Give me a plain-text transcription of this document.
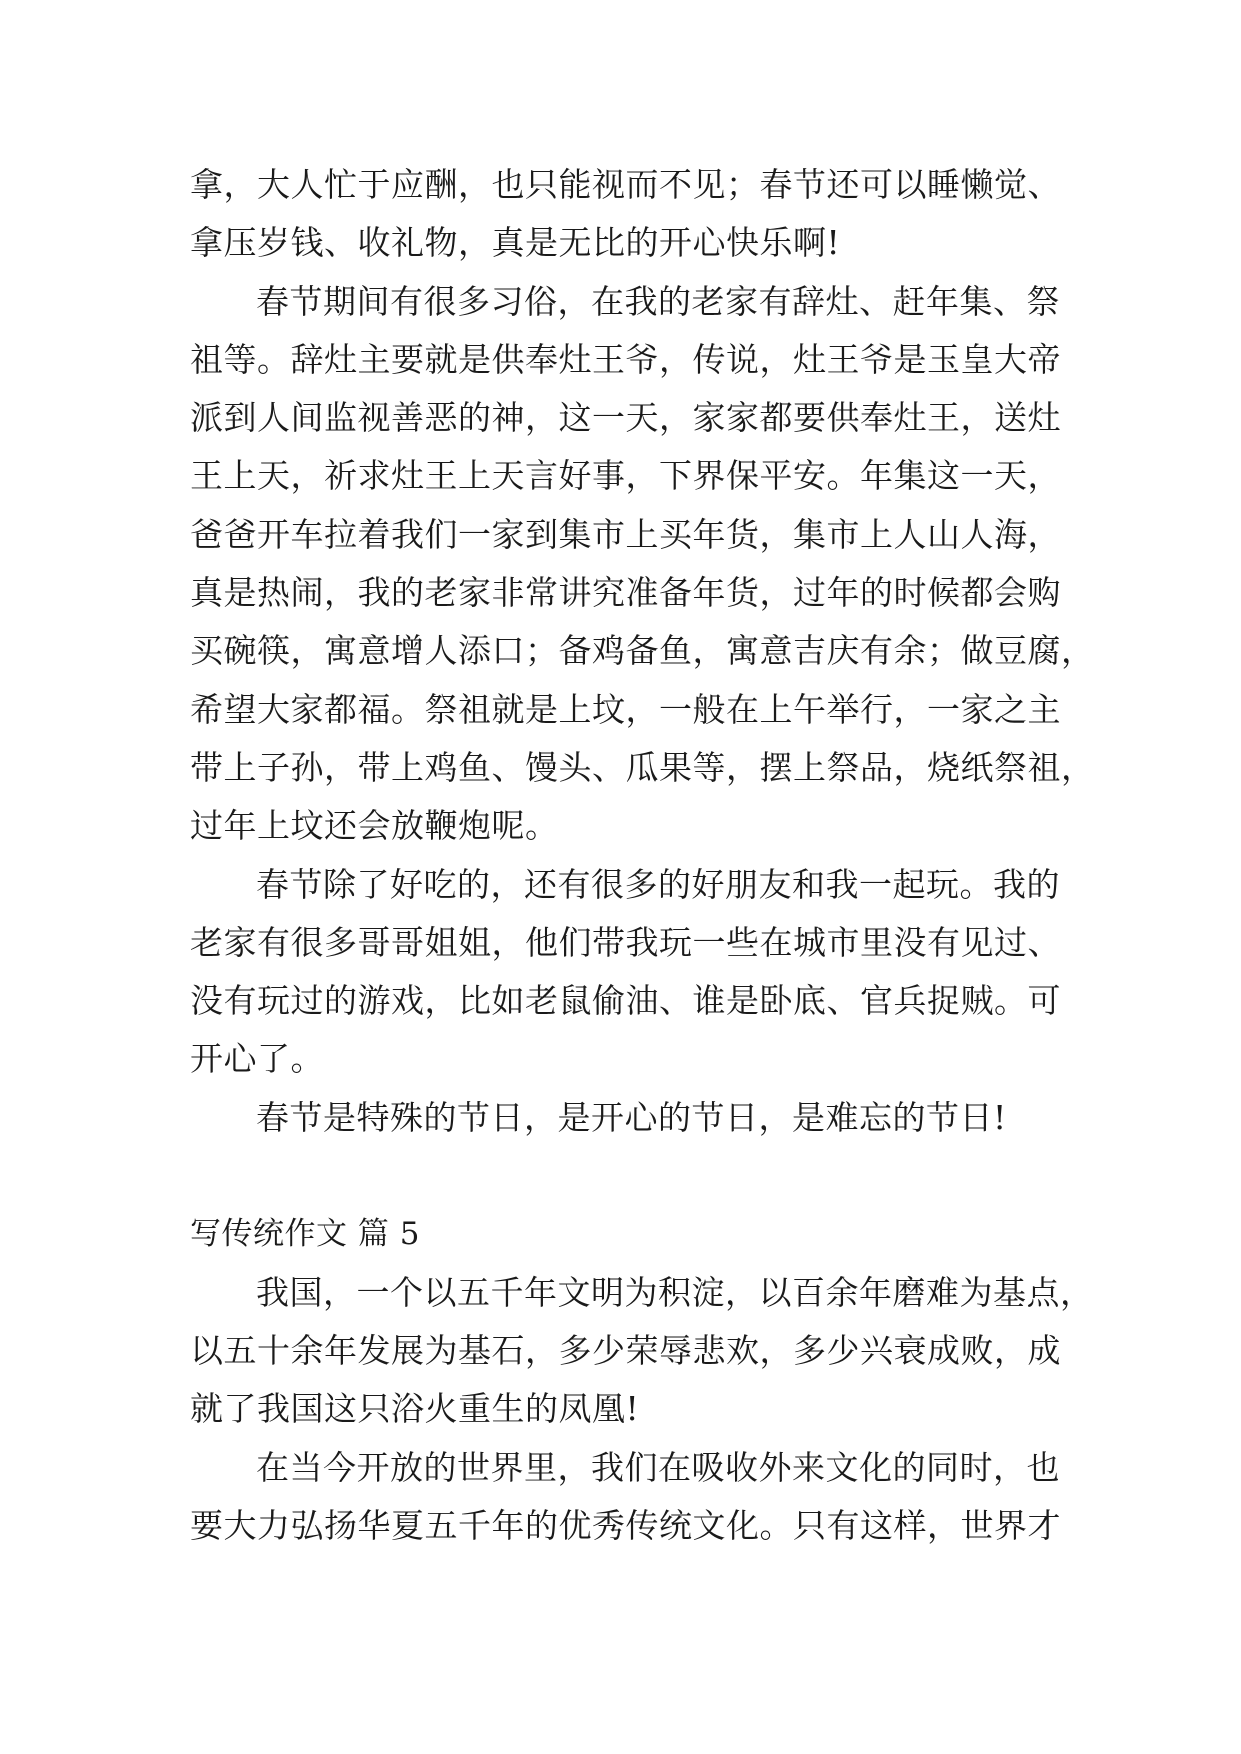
拿，大人忙于应酬，也只能视而不见；春节还可以睡懒觉、
拿压岁钱、收礼物，真是无比的开心快乐啊!
春节期间有很多习俗，在我的老家有辞灶、赶年集、祭
祖等。辞灶主要就是供奉灶王爷，传说，灶王爷是玉皇大帝
派到人间监视善恶的神，这一天，家家都要供奉灶王，送灶
王上天，祈求灶王上天言好事，下界保平安。年集这一天，
爸爸开车拉着我们一家到集市上买年货，集市上人山人海，
真是热闹，我的老家非常讲究准备年货，过年的时候都会购
买碗筷，寓意增人添口；备鸡备鱼，寓意吉庆有余；做豆腐，
希望大家都福。祭祖就是上坟，一般在上午举行，一家之主
带上子孙，带上鸡鱼、馒头、瓜果等，摆上祭品，烧纸祭祖，
过年上坟还会放鞭炮呢。
春节除了好吃的，还有很多的好朋友和我一起玩。我的
老家有很多哥哥姐姐，他们带我玩一些在城市里没有见过、
没有玩过的游戏，比如老鼠偷油、谁是卧底、官兵捉贼。可
开心了。
春节是特殊的节日，是开心的节日，是难忘的节日!
写传统作文 篇 5
我国，一个以五千年文明为积淀，以百余年磨难为基点，
以五十余年发展为基石，多少荣辱悲欢，多少兴衰成败，成
就了我国这只浴火重生的凤凰!
在当今开放的世界里，我们在吸收外来文化的同时，也
要大力弘扬华夏五千年的优秀传统文化。只有这样，世界才
